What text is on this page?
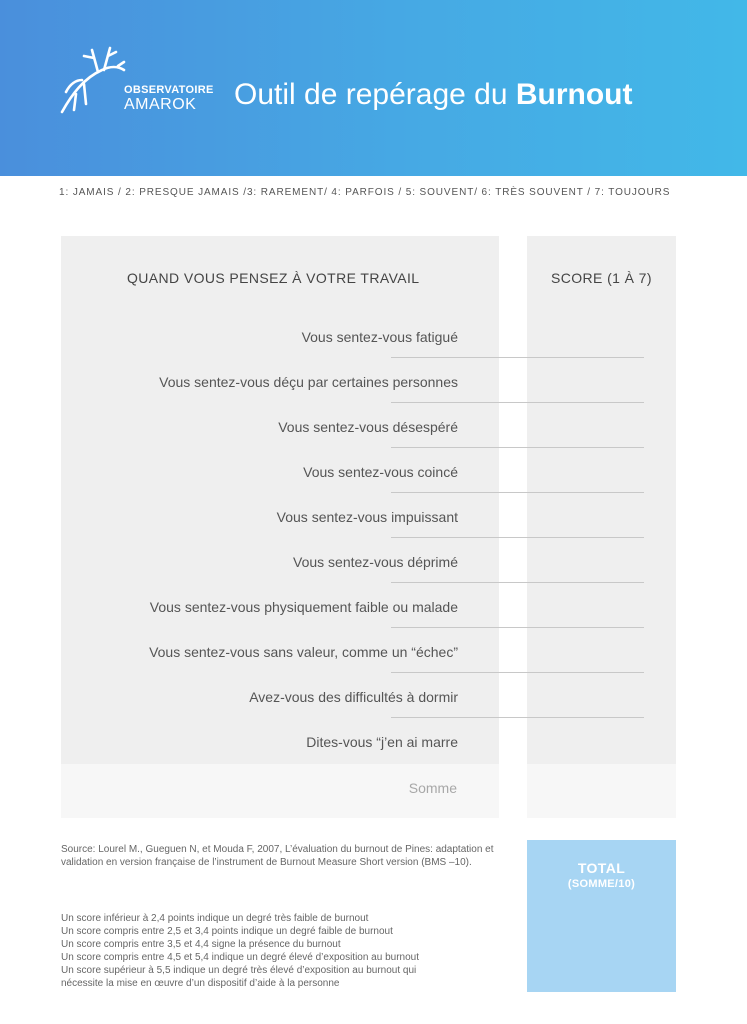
OBSERVATOIRE
AMAROK Outil de repérage du Burnout
1: JAMAIS / 2: PRESQUE JAMAIS /3: RAREMENT/ 4: PARFOIS / 5: SOUVENT/ 6: TRÈS SOUVENT / 7: TOUJOURS
QUAND VOUS PENSEZ À VOTRE TRAVAIL	SCORE (1 À 7)
Vous sentez-vous fatigué
Vous sentez-vous déçu par certaines personnes
Vous sentez-vous désespéré
Vous sentez-vous coincé
Vous sentez-vous impuissant
Vous sentez-vous déprimé
Vous sentez-vous physiquement faible ou malade
Vous sentez-vous sans valeur, comme un “échec”
Avez-vous des difficultés à dormir
Dites-vous “j’en ai marre
Somme
Source: Lourel M., Gueguen N, et Mouda F, 2007, L’évaluation du burnout de Pines: adaptation et validation en version française de l’instrument de Burnout Measure Short version (BMS –10).
Un score inférieur à 2,4 points indique un degré très faible de burnout
Un score compris entre 2,5 et 3,4 points indique un degré faible de burnout
Un score compris entre 3,5 et 4,4 signe la présence du burnout
Un score compris entre 4,5 et 5,4 indique un degré élevé d’exposition au burnout
Un score supérieur à 5,5 indique un degré très élevé d’exposition au burnout qui
nécessite la mise en œuvre d’un dispositif d’aide à la personne
TOTAL
(SOMME/10)
